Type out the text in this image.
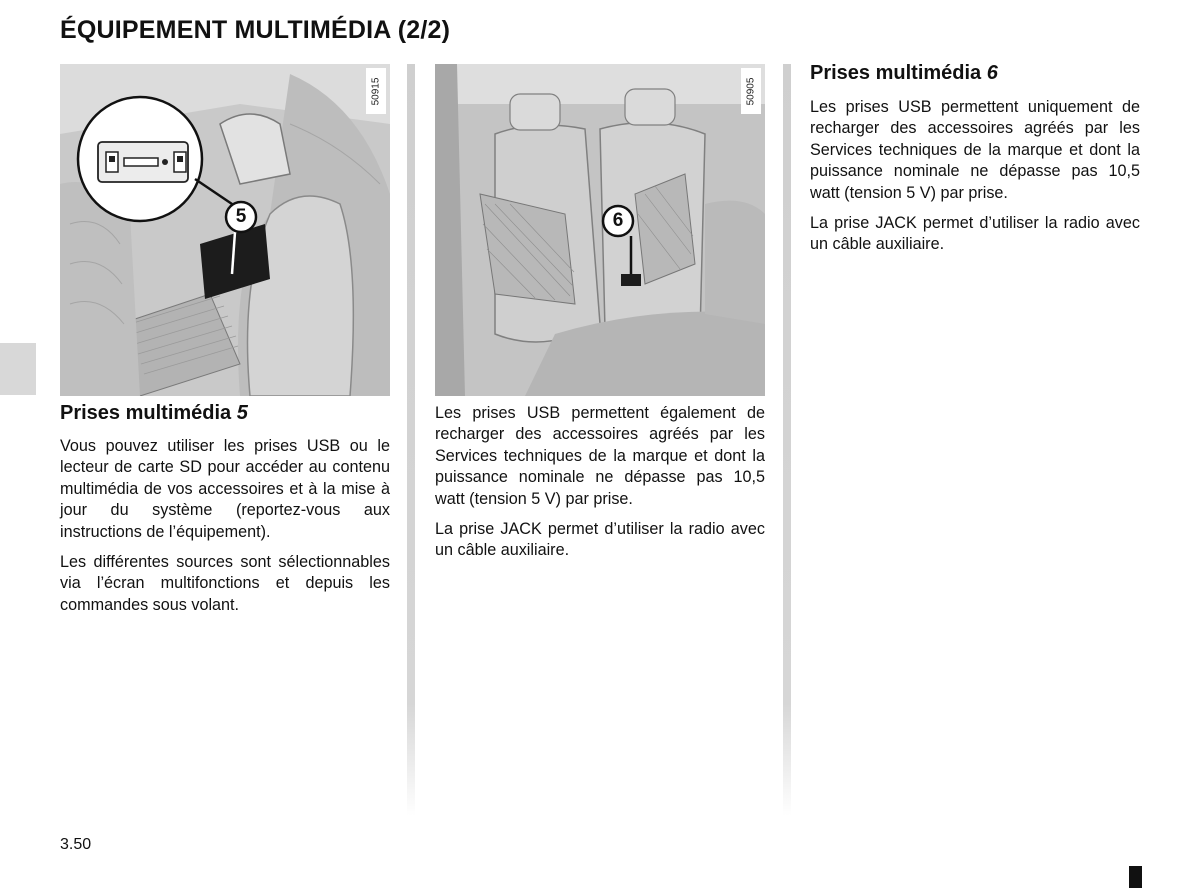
ÉQUIPEMENT MULTIMÉDIA (2/2)
50915
5
50905
6
Prises multimédia 5

Vous pouvez utiliser les prises USB ou le lecteur de carte SD pour accéder au contenu multimédia de vos accessoires et à la mise à jour du système (reportez-vous aux instructions de l’équipement).

Les différentes sources sont sélectionnables via l’écran multifonctions et depuis les commandes sous volant.

Les prises USB permettent également de recharger des accessoires agréés par les Services techniques de la marque et dont la puissance nominale ne dépasse pas 10,5 watt (tension 5 V) par prise.

La prise JACK permet d’utiliser la radio avec un câble auxiliaire.

Prises multimédia 6

Les prises USB permettent uniquement de recharger des accessoires agréés par les Services techniques de la marque et dont la puissance nominale ne dépasse pas 10,5 watt (tension 5 V) par prise.

La prise JACK permet d’utiliser la radio avec un câble auxiliaire.

3.50
